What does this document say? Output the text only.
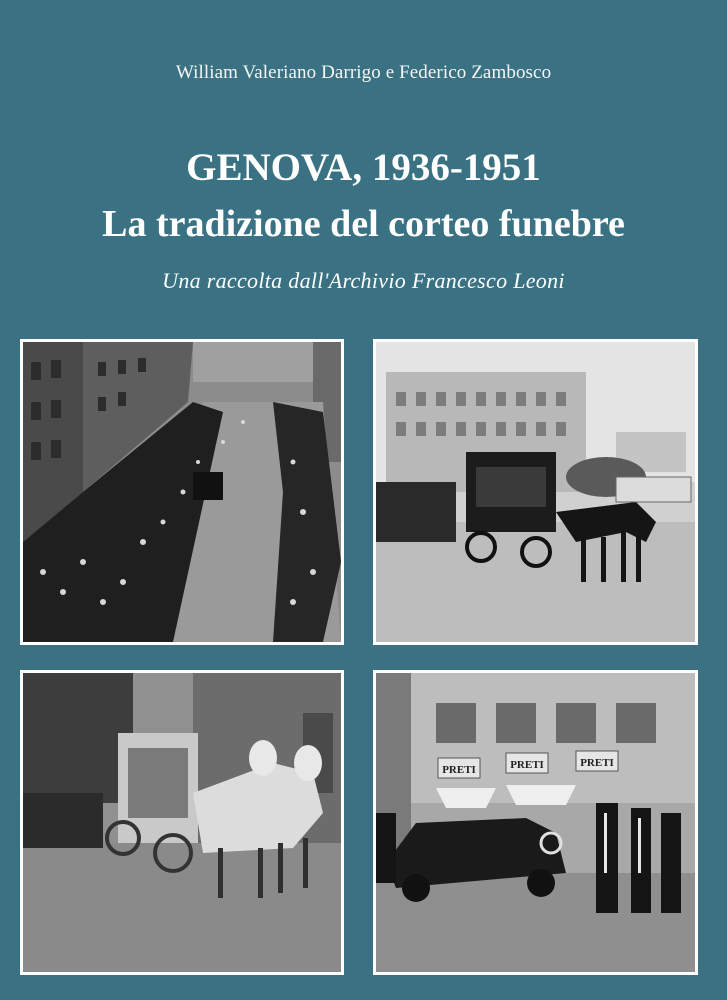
William Valeriano Darrigo e Federico Zambosco
GENOVA, 1936-1951
La tradizione del corteo funebre
Una raccolta dall'Archivio Francesco Leoni
PRETI	PRETI	PRETI
